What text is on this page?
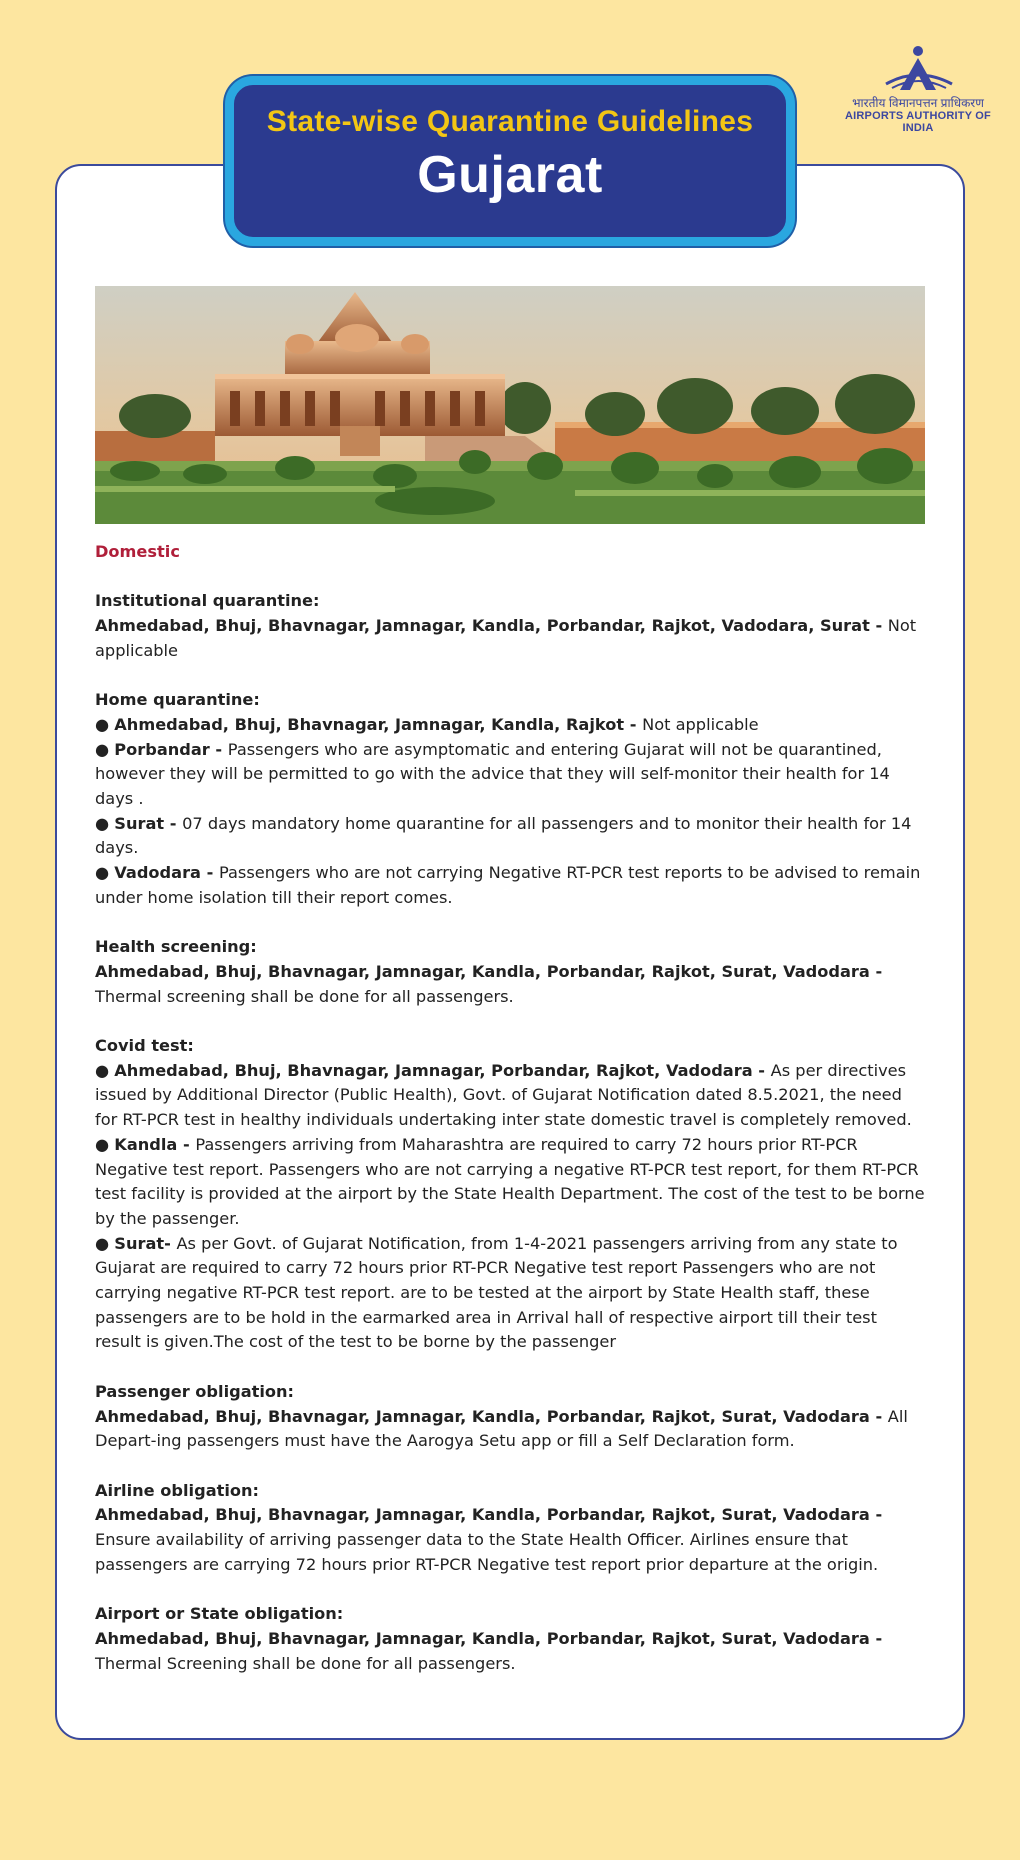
भारतीय विमानपत्तन प्राधिकरण
AIRPORTS AUTHORITY OF INDIA
State-wise Quarantine Guidelines
Gujarat

Domestic

Institutional quarantine:

Ahmedabad, Bhuj, Bhavnagar, Jamnagar, Kandla, Porbandar, Rajkot, Vadodara, Surat - Not applicable

Home quarantine:

● Ahmedabad, Bhuj, Bhavnagar, Jamnagar, Kandla, Rajkot - Not applicable

● Porbandar - Passengers who are asymptomatic and entering Gujarat will not be quarantined, however they will be permitted to go with the advice that they will self-monitor their health for 14 days .

● Surat - 07 days mandatory home quarantine for all passengers and to monitor their health for 14 days.

● Vadodara - Passengers who are not carrying Negative RT-PCR test reports to be advised to remain under home isolation till their report comes.

Health screening:

Ahmedabad, Bhuj, Bhavnagar, Jamnagar, Kandla, Porbandar, Rajkot, Surat, Vadodara - Thermal screening shall be done for all passengers.

Covid test:

● Ahmedabad, Bhuj, Bhavnagar, Jamnagar, Porbandar, Rajkot, Vadodara - As per directives issued by Additional Director (Public Health), Govt. of Gujarat Notification dated 8.5.2021, the need for RT-PCR test in healthy individuals undertaking inter state domestic travel is completely removed.

● Kandla - Passengers arriving from Maharashtra are required to carry 72 hours prior RT-PCR Negative test report. Passengers who are not carrying a negative RT-PCR test report, for them RT-PCR test facility is provided at the airport by the State Health Department. The cost of the test to be borne by the passenger.

● Surat- As per Govt. of Gujarat Notification, from 1-4-2021 passengers arriving from any state to Gujarat are required to carry 72 hours prior RT-PCR Negative test report Passengers who are not carrying negative RT-PCR test report. are to be tested at the airport by State Health staff, these passengers are to be hold in the earmarked area in Arrival hall of respective airport till their test result is given.The cost of the test to be borne by the passenger

Passenger obligation:

Ahmedabad, Bhuj, Bhavnagar, Jamnagar, Kandla, Porbandar, Rajkot, Surat, Vadodara - All Depart-ing passengers must have the Aarogya Setu app or fill a Self Declaration form.

Airline obligation:

Ahmedabad, Bhuj, Bhavnagar, Jamnagar, Kandla, Porbandar, Rajkot, Surat, Vadodara - Ensure availability of arriving passenger data to the State Health Officer. Airlines ensure that passengers are carrying 72 hours prior RT-PCR Negative test report prior departure at the origin.

Airport or State obligation:

Ahmedabad, Bhuj, Bhavnagar, Jamnagar, Kandla, Porbandar, Rajkot, Surat, Vadodara - Thermal Screening shall be done for all passengers.
